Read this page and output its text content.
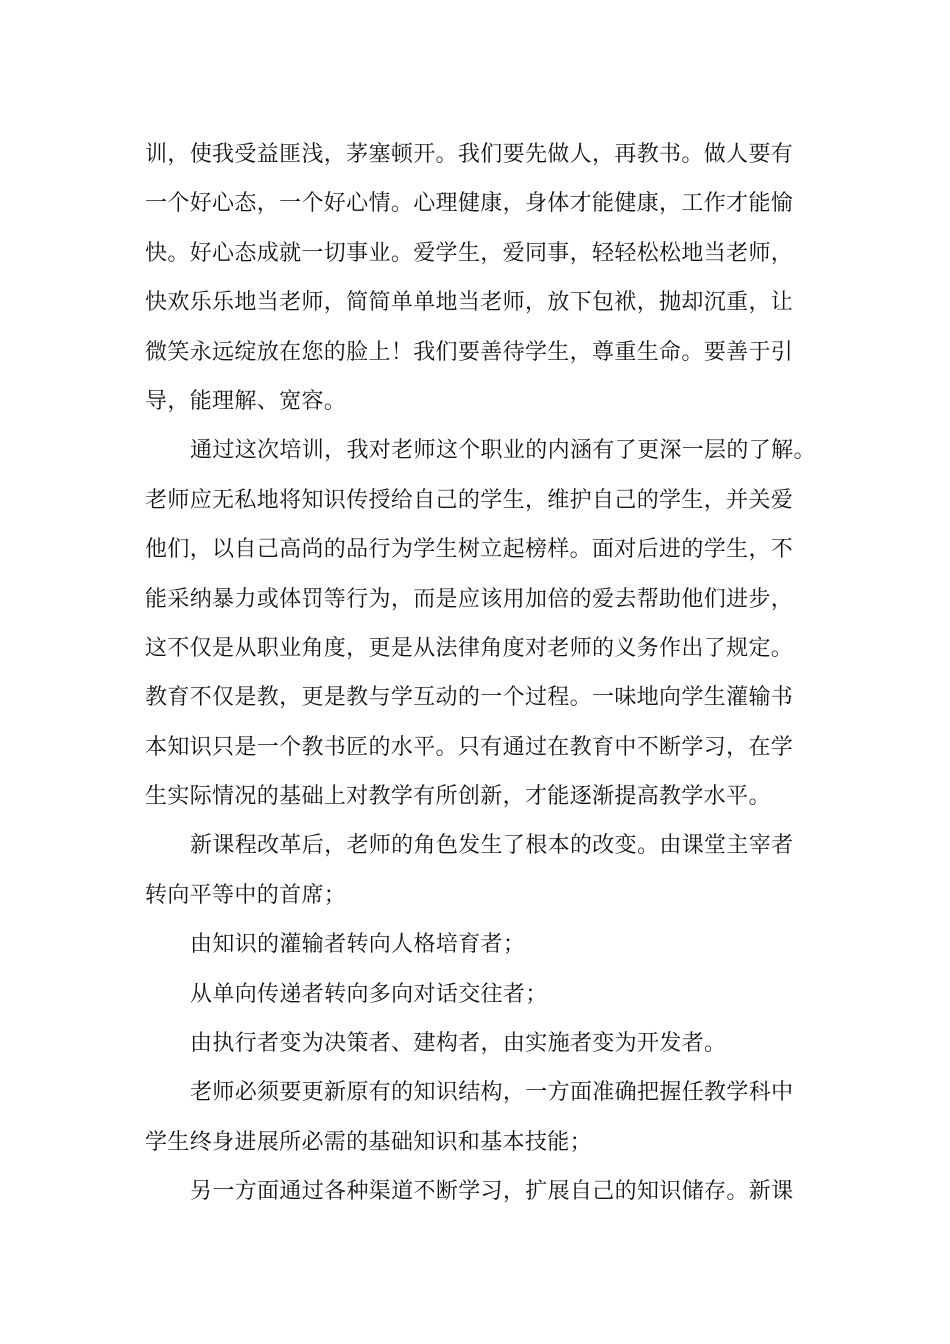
训，使我受益匪浅，茅塞顿开。我们要先做人，再教书。做人要有
一个好心态，一个好心情。心理健康，身体才能健康，工作才能愉
快。好心态成就一切事业。爱学生，爱同事，轻轻松松地当老师，
快欢乐乐地当老师，简简单单地当老师，放下包袱，抛却沉重，让
微笑永远绽放在您的脸上！我们要善待学生，尊重生命。要善于引
导，能理解、宽容。
通过这次培训，我对老师这个职业的内涵有了更深一层的了解。
老师应无私地将知识传授给自己的学生，维护自己的学生，并关爱
他们，以自己高尚的品行为学生树立起榜样。面对后进的学生，不
能采纳暴力或体罚等行为，而是应该用加倍的爱去帮助他们进步，
这不仅是从职业角度，更是从法律角度对老师的义务作出了规定。
教育不仅是教，更是教与学互动的一个过程。一味地向学生灌输书
本知识只是一个教书匠的水平。只有通过在教育中不断学习，在学
生实际情况的基础上对教学有所创新，才能逐渐提高教学水平。
新课程改革后，老师的角色发生了根本的改变。由课堂主宰者
转向平等中的首席；
由知识的灌输者转向人格培育者；
从单向传递者转向多向对话交往者；
由执行者变为决策者、建构者，由实施者变为开发者。
老师必须要更新原有的知识结构，一方面准确把握任教学科中
学生终身进展所必需的基础知识和基本技能；
另一方面通过各种渠道不断学习，扩展自己的知识储存。新课
